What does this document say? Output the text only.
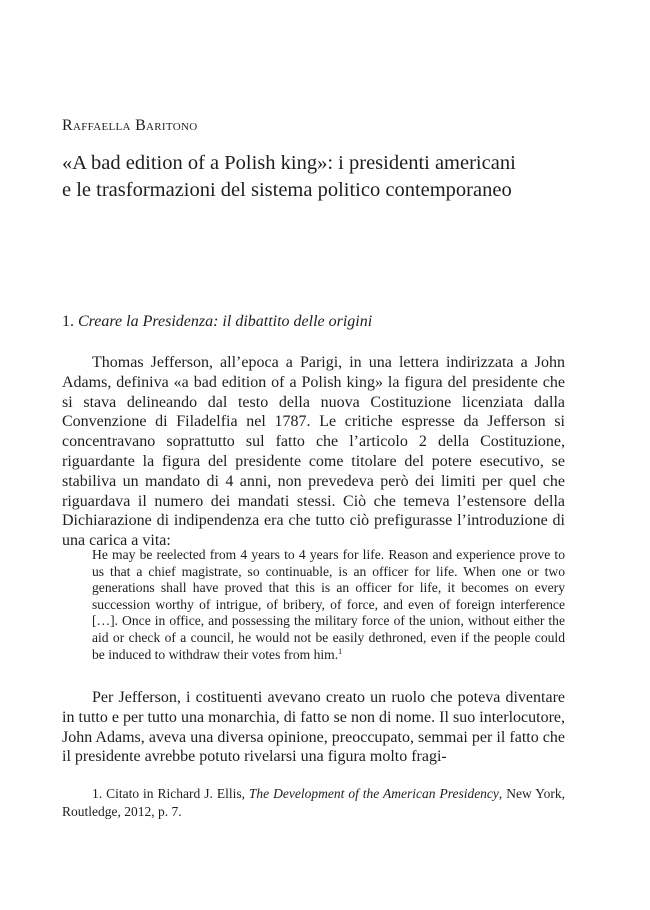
Raffaella Baritono
«A bad edition of a Polish king»: i presidenti americani
e le trasformazioni del sistema politico contemporaneo
1. Creare la Presidenza: il dibattito delle origini

Thomas Jefferson, all’epoca a Parigi, in una lettera indirizzata a John Adams, definiva «a bad edition of a Polish king» la figura del presidente che si stava delineando dal testo della nuova Costituzione licenziata dalla Convenzione di Filadelfia nel 1787. Le critiche espresse da Jefferson si concentravano soprattutto sul fatto che l’articolo 2 della Costituzione, riguardante la figura del presidente come titolare del potere esecutivo, se stabiliva un mandato di 4 anni, non prevedeva però dei limiti per quel che riguardava il numero dei mandati stessi. Ciò che temeva l’estensore della Dichiarazione di indipendenza era che tutto ciò prefigurasse l’introduzione di una carica a vita:

He may be reelected from 4 years to 4 years for life. Reason and experience prove to us that a chief magistrate, so continuable, is an officer for life. When one or two generations shall have proved that this is an officer for life, it becomes on every succession worthy of intrigue, of bribery, of force, and even of foreign interference […]. Once in office, and possessing the military force of the union, without either the aid or check of a council, he would not be easily dethroned, even if the people could be induced to withdraw their votes from him.$^1$

Per Jefferson, i costituenti avevano creato un ruolo che poteva diventare in tutto e per tutto una monarchia, di fatto se non di nome. Il suo interlocutore, John Adams, aveva una diversa opinione, preoccupato, semmai per il fatto che il presidente avrebbe potuto rivelarsi una figura molto fragi-

1. Citato in Richard J. Ellis, The Development of the American Presidency, New York, Routledge, 2012, p. 7.
